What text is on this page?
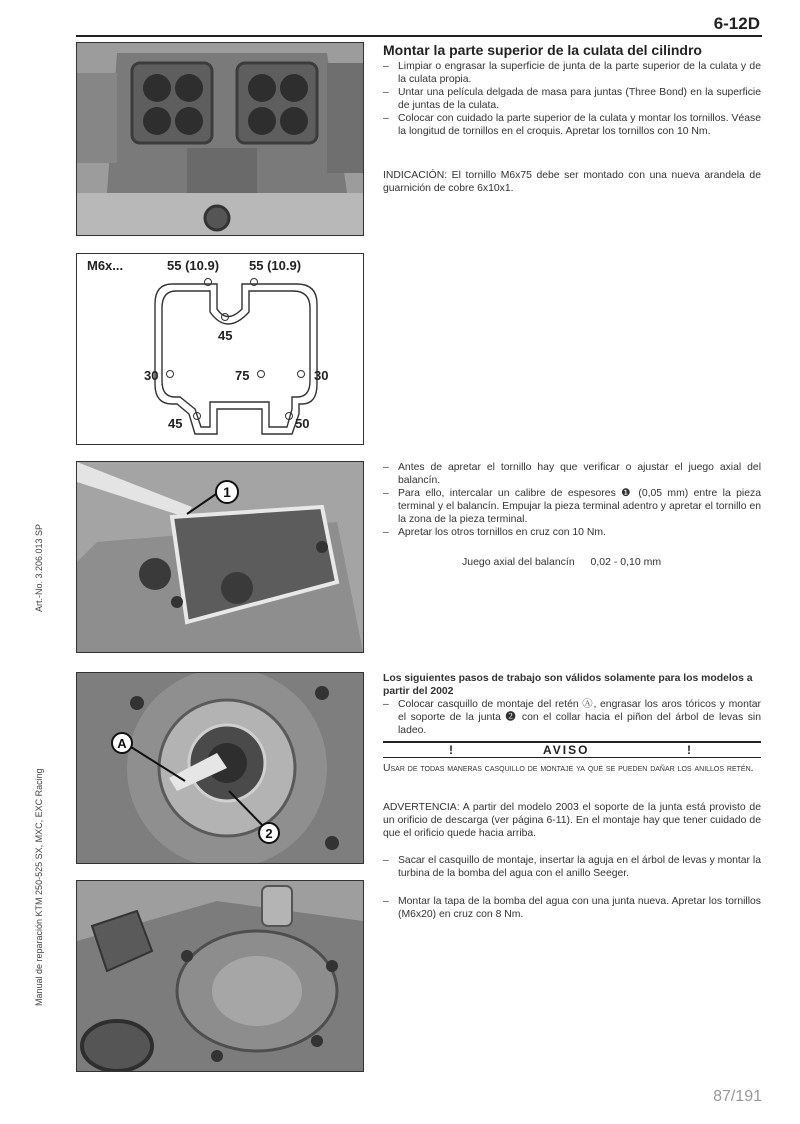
6-12D
Montar la parte superior de la culata del cilindro
– Limpiar o engrasar la superficie de junta de la parte superior de la culata y de la culata propia.
– Untar una película delgada de masa para juntas (Three Bond) en la superficie de juntas de la culata.
– Colocar con cuidado la parte superior de la culata y montar los tornillos. Véase la longitud de tornillos en el croquis. Apretar los tornillos con 10 Nm.
INDICACIÓN: El tornillo M6x75 debe ser montado con una nueva arandela de guarnición de cobre 6x10x1.
M6x...	55 (10.9) 55 (10.9)
45
30	75	30
45	50
1
– Antes de apretar el tornillo hay que verificar o ajustar el juego axial del balancín.
– Para ello, intercalar un calibre de espesores ❶ (0,05 mm) entre la pieza terminal y el balancín. Empujar la pieza terminal adentro y apretar el tornillo en la zona de la pieza terminal.
– Apretar los otros tornillos en cruz con 10 Nm.
Juego axial del balancín 0,02 - 0,10 mm
A
2
Los siguientes pasos de trabajo son válidos solamente para los modelos a partir del 2002
– Colocar casquillo de montaje del retén Ⓐ, engrasar los aros tóricos y montar el soporte de la junta ❷ con el collar hacia el piñon del árbol de levas sin ladeo.
!	AVISO	!
Usar de todas maneras casquillo de montaje ya que se pueden dañar los anillos retén.
ADVERTENCIA: A partir del modelo 2003 el soporte de la junta está provisto de un orificio de descarga (ver página 6-11). En el montaje hay que tener cuidado de que el orificio quede hacia arriba.
– Sacar el casquillo de montaje, insertar la aguja en el árbol de levas y montar la turbina de la bomba del agua con el anillo Seeger.
– Montar la tapa de la bomba del agua con una junta nueva. Apretar los tornillos (M6x20) en cruz con 8 Nm.
Art.-No. 3.206.013 SP
Manual de reparación KTM 250-525 SX, MXC, EXC Racing
87/191
